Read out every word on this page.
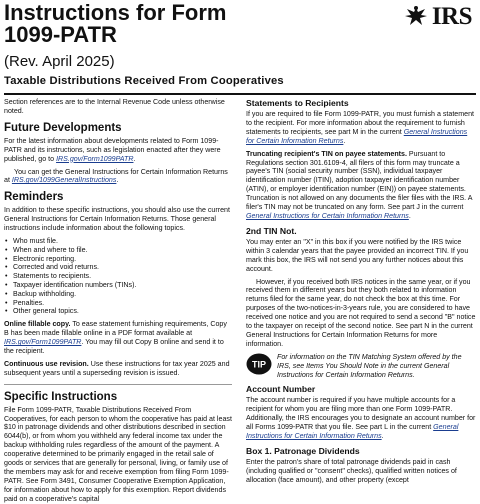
Instructions for Form
1099-PATR
(Rev. April 2025)
Taxable Distributions Received From Cooperatives
IRS

Section references are to the Internal Revenue Code unless otherwise noted.

Future Developments

For the latest information about developments related to Form 1099-PATR and its instructions, such as legislation enacted after they were published, go to IRS.gov/Form1099PATR.

You can get the General Instructions for Certain Information Returns at IRS.gov/1099GeneralInstructions.

Reminders

In addition to these specific instructions, you should also use the current General Instructions for Certain Information Returns. Those general instructions include information about the following topics.

• Who must file.
• When and where to file.
• Electronic reporting.
• Corrected and void returns.
• Statements to recipients.
• Taxpayer identification numbers (TINs).
• Backup withholding.
• Penalties.
• Other general topics.

Online fillable copy. To ease statement furnishing requirements, Copy B has been made fillable online in a PDF format available at IRS.gov/Form1099PATR. You may fill out Copy B online and send it to the recipient.

Continuous use revision. Use these instructions for tax year 2025 and subsequent years until a superseding revision is issued.

Specific Instructions

File Form 1099-PATR, Taxable Distributions Received From Cooperatives, for each person to whom the cooperative has paid at least $10 in patronage dividends and other distributions described in section 6044(b), or from whom you withheld any federal income tax under the backup withholding rules regardless of the amount of the payment. A cooperative determined to be primarily engaged in the retail sale of goods or services that are generally for personal, living, or family use of the members may ask for and receive exemption from filing Form 1099-PATR. See Form 3491, Consumer Cooperative Exemption Application, for information about how to apply for this exemption. Report dividends paid on a cooperative's capital

Statements to Recipients

If you are required to file Form 1099-PATR, you must furnish a statement to the recipient. For more information about the requirement to furnish statements to recipients, see part M in the current General Instructions for Certain Information Returns.

Truncating recipient's TIN on payee statements. Pursuant to Regulations section 301.6109-4, all filers of this form may truncate a payee's TIN (social security number (SSN), individual taxpayer identification number (ITIN), adoption taxpayer identification number (ATIN), or employer identification number (EIN)) on payee statements. Truncation is not allowed on any documents the filer files with the IRS. A filer's TIN may not be truncated on any form. See part J in the current General Instructions for Certain Information Returns.

2nd TIN Not.

You may enter an "X" in this box if you were notified by the IRS twice within 3 calendar years that the payee provided an incorrect TIN. If you mark this box, the IRS will not send you any further notices about this account.

However, if you received both IRS notices in the same year, or if you received them in different years but they both related to information returns filed for the same year, do not check the box at this time. For purposes of the two-notices-in-3-years rule, you are considered to have received one notice and you are not required to send a second "B" notice to the taxpayer on receipt of the second notice. See part N in the current General Instructions for Certain Information Returns for more information.

TIP
For information on the TIN Matching System offered by the IRS, see Items You Should Note in the current General Instructions for Certain Information Returns.
Account Number

The account number is required if you have multiple accounts for a recipient for whom you are filing more than one Form 1099-PATR. Additionally, the IRS encourages you to designate an account number for all Forms 1099-PATR that you file. See part L in the current General Instructions for Certain Information Returns.

Box 1. Patronage Dividends

Enter the patron's share of total patronage dividends paid in cash (including qualified or "consent" checks), qualified written notices of allocation (face amount), and other property (except
